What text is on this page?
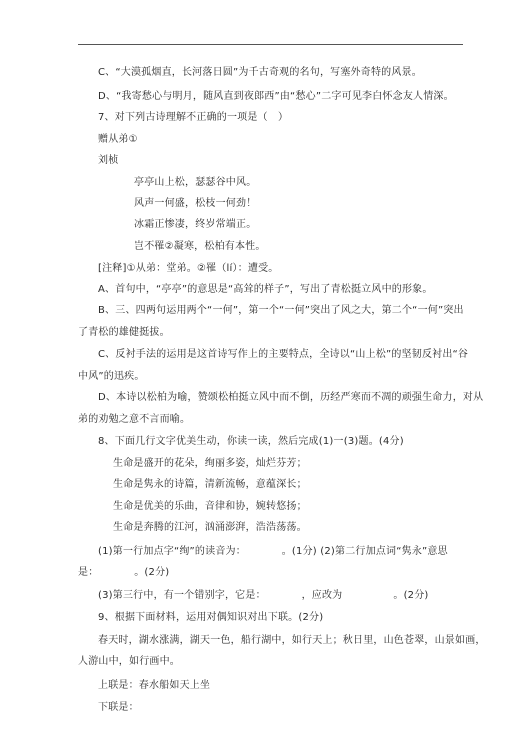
C、“大漠孤烟直，长河落日圆”为千古奇观的名句，写塞外奇特的风景。
D、“我寄愁心与明月，随风直到夜郎西”由“愁心”二字可见李白怀念友人情深。
7、对下列古诗理解不正确的一项是（　）
赠从弟①
刘桢
亭亭山上松，瑟瑟谷中风。
风声一何盛，松枝一何劲！
冰霜正惨凄，终岁常端正。
岂不罹②凝寒，松柏有本性。
[注释]①从弟：堂弟。②罹（lí）：遭受。
A、首句中，“亭亭”的意思是“高耸的样子”，写出了青松挺立风中的形象。
B、三、四两句运用两个“一何”，第一个“一何”突出了风之大，第二个“一何”突出
了青松的雄健挺拔。
C、反衬手法的运用是这首诗写作上的主要特点，全诗以“山上松”的坚韧反衬出“谷
中风”的迅疾。
D、本诗以松柏为喻，赞颂松柏挺立风中而不倒，历经严寒而不凋的顽强生命力，对从
弟的劝勉之意不言而喻。
8、下面几行文字优美生动，你读一读，然后完成(1)一(3)题。(4分)
生命是盛开的花朵，绚丽多姿，灿烂芬芳；
生命是隽永的诗篇，清新流畅，意蕴深长；
生命是优美的乐曲，音律和协，婉转悠扬；
生命是奔腾的江河，汹涌澎湃，浩浩荡荡。
(1)第一行加点字“绚”的读音为：　　　　。(1分) (2)第二行加点词“隽永”意思
是：　　　　。(2分)
(3)第三行中，有一个错别字，它是：　　　　，应改为　　　　　。(2分)
9、根据下面材料，运用对偶知识对出下联。(2分)
春天时，湖水涨满，湖天一色，船行湖中，如行天上；秋日里，山色苍翠，山景如画，
人游山中，如行画中。
上联是：春水船如天上坐
下联是：
